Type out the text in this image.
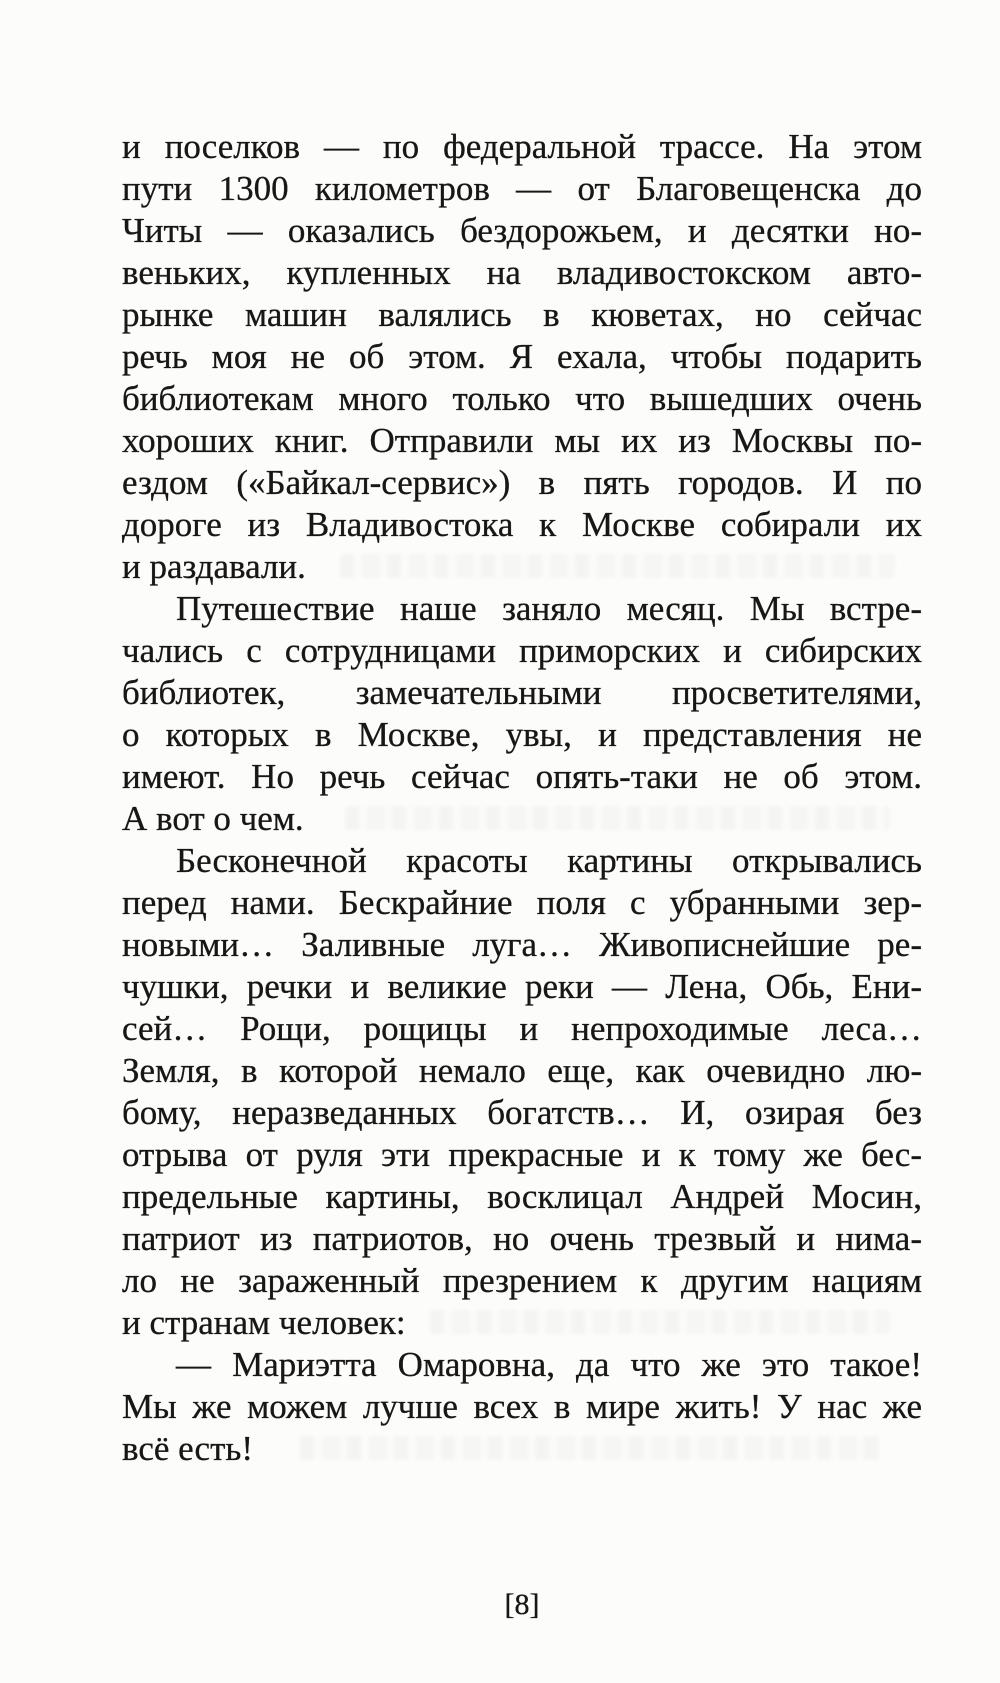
и поселков — по федеральной трассе. На этом
пути 1300 километров — от Благовещенска до
Читы — оказались бездорожьем, и десятки но-
веньких, купленных на владивостокском авто-
рынке машин валялись в кюветах, но сейчас
речь моя не об этом. Я ехала, чтобы подарить
библиотекам много только что вышедших очень
хороших книг. Отправили мы их из Москвы по-
ездом («Байкал-сервис») в пять городов. И по
дороге из Владивостока к Москве собирали их
и раздавали.
Путешествие наше заняло месяц. Мы встре-
чались с сотрудницами приморских и сибирских
библиотек, замечательными просветителями,
о которых в Москве, увы, и представления не
имеют. Но речь сейчас опять-таки не об этом.
А вот о чем.
Бесконечной красоты картины открывались
перед нами. Бескрайние поля с убранными зер-
новыми… Заливные луга… Живописнейшие ре-
чушки, речки и великие реки — Лена, Обь, Ени-
сей… Рощи, рощицы и непроходимые леса…
Земля, в которой немало еще, как очевидно лю-
бому, неразведанных богатств… И, озирая без
отрыва от руля эти прекрасные и к тому же бес-
предельные картины, восклицал Андрей Мосин,
патриот из патриотов, но очень трезвый и нима-
ло не зараженный презрением к другим нациям
и странам человек:
— Мариэтта Омаровна, да что же это такое!
Мы же можем лучше всех в мире жить! У нас же
всё есть!
[8]
